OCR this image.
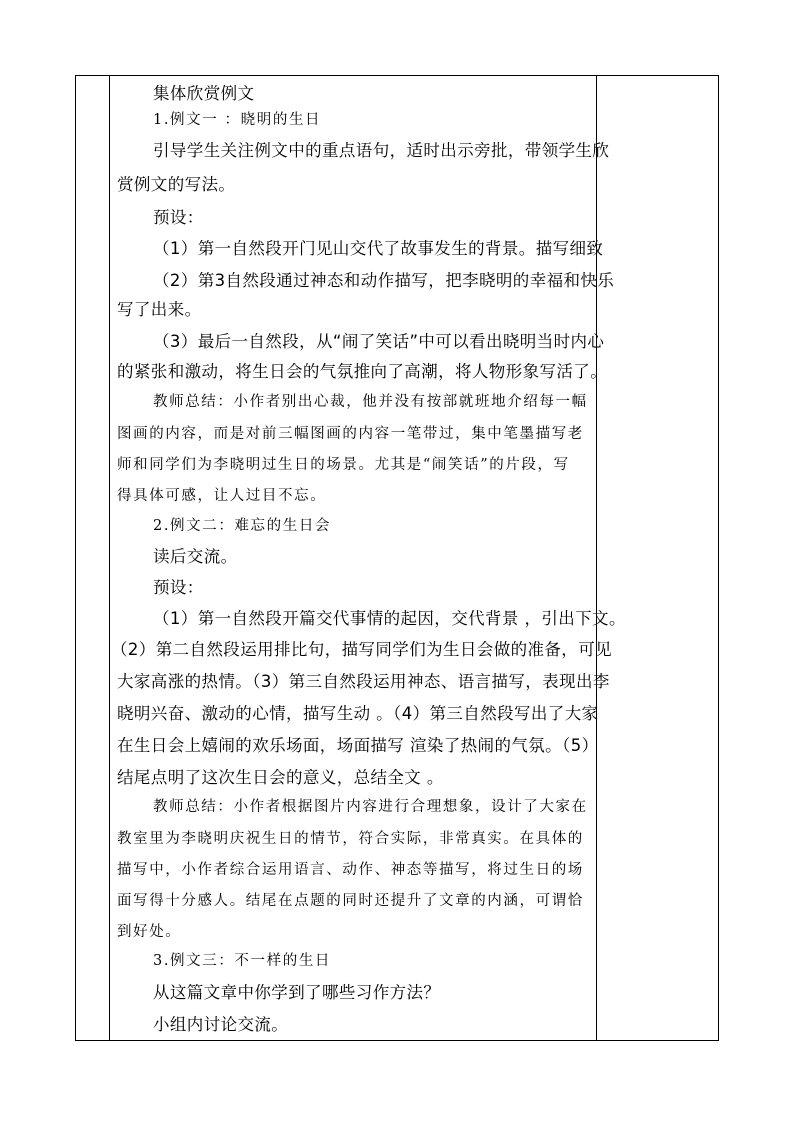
集体欣赏例文

1.例文一 ：晓明的生日

引导学生关注例文中的重点语句，适时出示旁批，带领学生欣

赏例文的写法。

预设：

（1）第一自然段开门见山交代了故事发生的背景。描写细致

（2）第3自然段通过神态和动作描写，把李晓明的幸福和快乐

写了出来。

（3）最后一自然段，从“闹了笑话”中可以看出晓明当时内心

的紧张和激动，将生日会的气氛推向了高潮，将人物形象写活了。

教师总结：小作者别出心裁，他并没有按部就班地介绍每一幅

图画的内容，而是对前三幅图画的内容一笔带过，集中笔墨描写老

师和同学们为李晓明过生日的场景。尤其是“闹笑话”的片段，写

得具体可感，让人过目不忘。

2.例文二：难忘的生日会

读后交流。

预设：

（1）第一自然段开篇交代事情的起因，交代背景 ，引出下文。

（2）第二自然段运用排比句，描写同学们为生日会做的准备，可见

大家高涨的热情。（3）第三自然段运用神态、语言描写，表现出李

晓明兴奋、激动的心情，描写生动 。（4）第三自然段写出了大家

在生日会上嬉闹的欢乐场面，场面描写 渲染了热闹的气氛。（5）

结尾点明了这次生日会的意义，总结全文 。

教师总结：小作者根据图片内容进行合理想象，设计了大家在

教室里为李晓明庆祝生日的情节，符合实际，非常真实。在具体的

描写中，小作者综合运用语言、动作、神态等描写，将过生日的场

面写得十分感人。结尾在点题的同时还提升了文章的内涵，可谓恰

到好处。

3.例文三：不一样的生日

从这篇文章中你学到了哪些习作方法？

小组内讨论交流。
